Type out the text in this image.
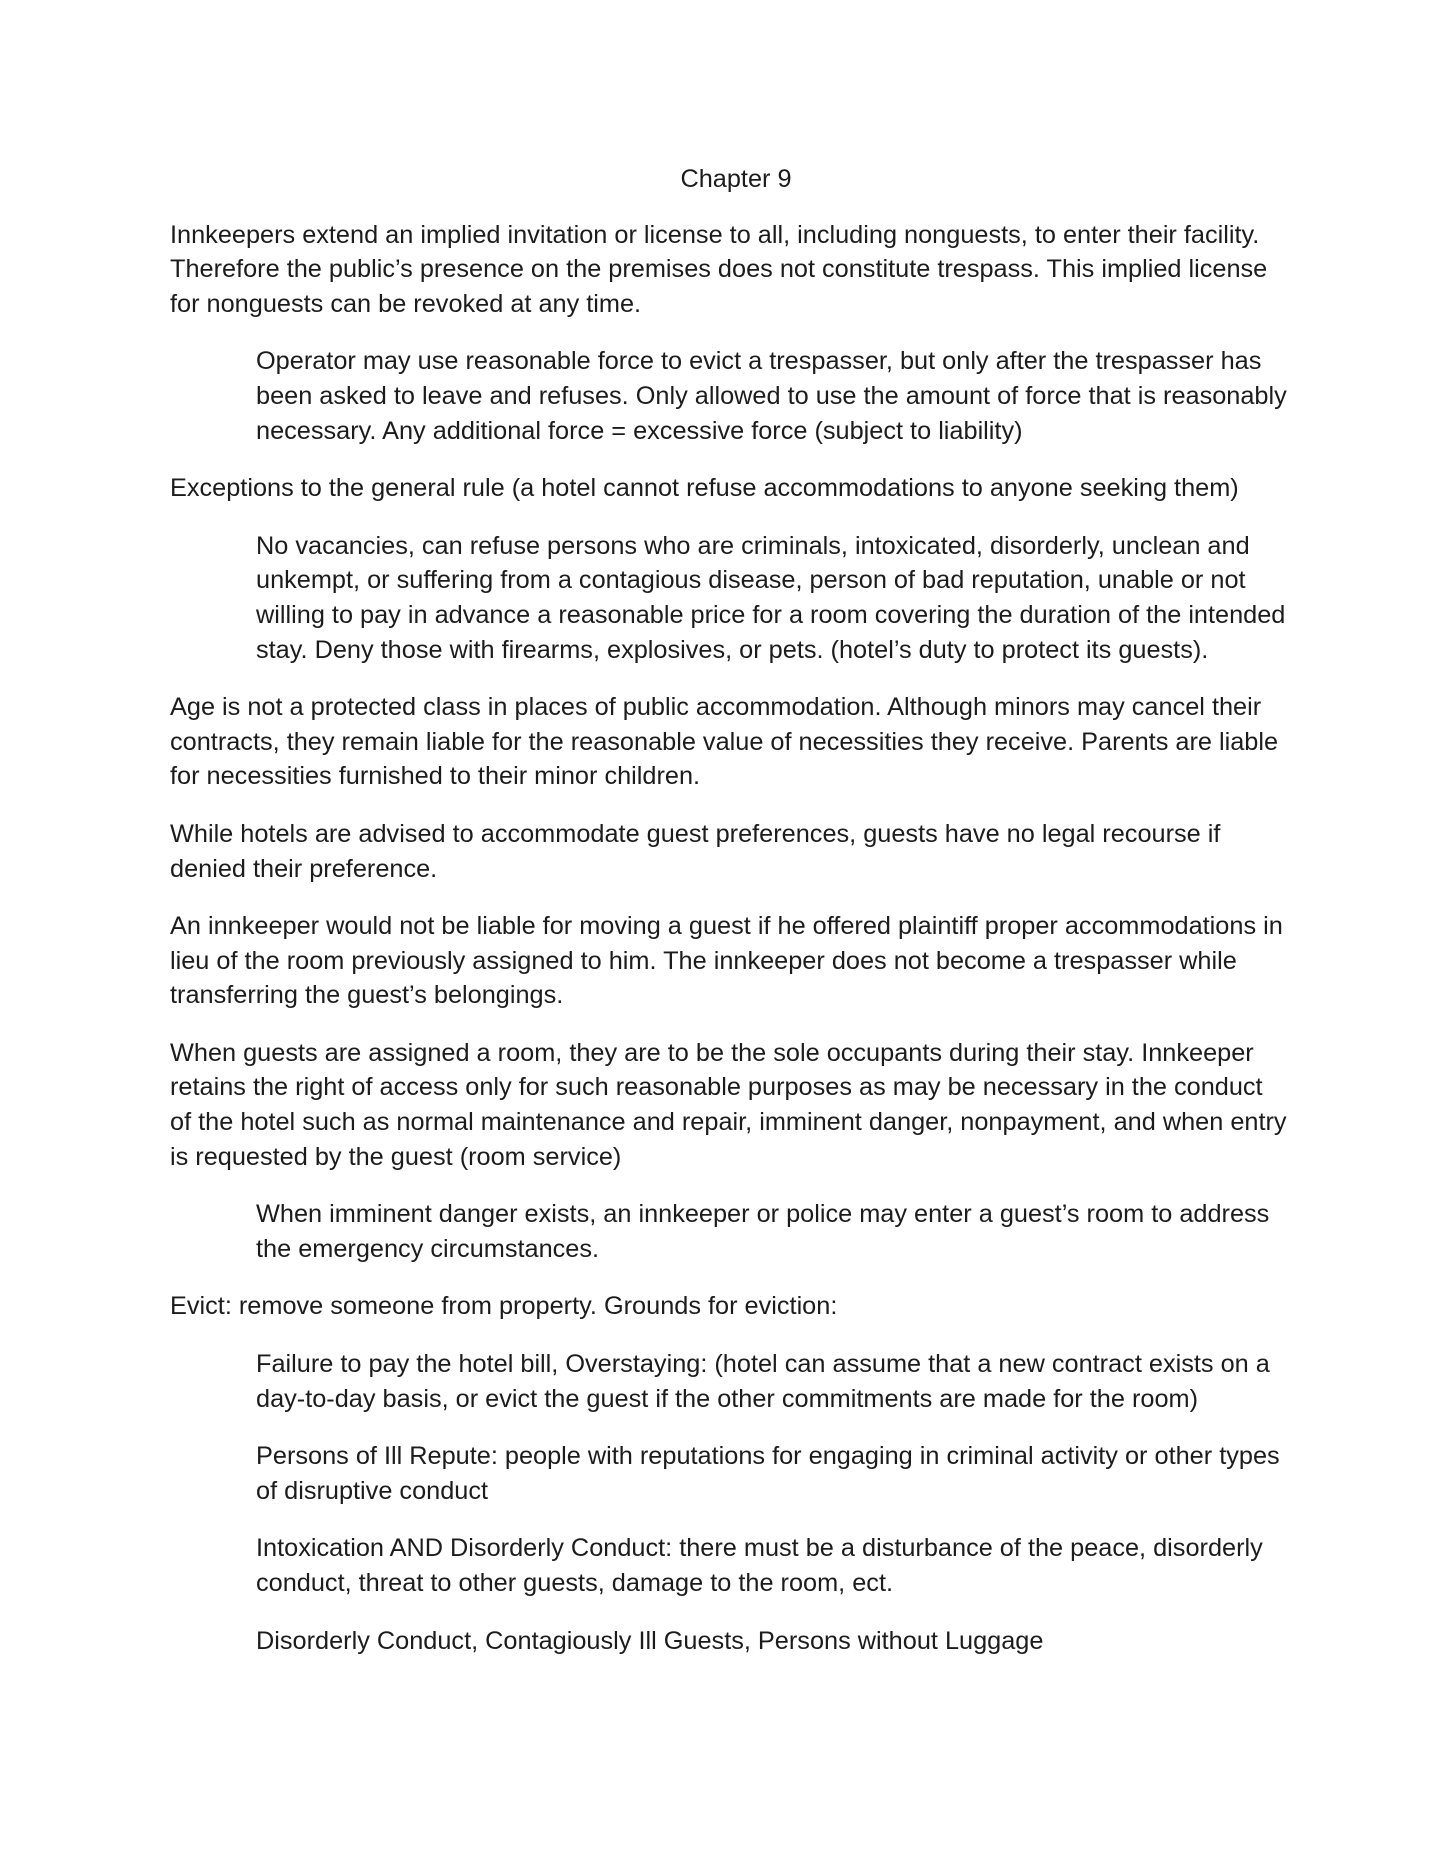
Chapter 9

Innkeepers extend an implied invitation or license to all, including nonguests, to enter their facility. Therefore the public’s presence on the premises does not constitute trespass. This implied license for nonguests can be revoked at any time.

Operator may use reasonable force to evict a trespasser, but only after the trespasser has been asked to leave and refuses. Only allowed to use the amount of force that is reasonably necessary. Any additional force = excessive force (subject to liability)

Exceptions to the general rule (a hotel cannot refuse accommodations to anyone seeking them)

No vacancies, can refuse persons who are criminals, intoxicated, disorderly, unclean and unkempt, or suffering from a contagious disease, person of bad reputation, unable or not willing to pay in advance a reasonable price for a room covering the duration of the intended stay. Deny those with firearms, explosives, or pets. (hotel’s duty to protect its guests).

Age is not a protected class in places of public accommodation. Although minors may cancel their contracts, they remain liable for the reasonable value of necessities they receive. Parents are liable for necessities furnished to their minor children.

While hotels are advised to accommodate guest preferences, guests have no legal recourse if denied their preference.

An innkeeper would not be liable for moving a guest if he offered plaintiff proper accommodations in lieu of the room previously assigned to him. The innkeeper does not become a trespasser while transferring the guest’s belongings.

When guests are assigned a room, they are to be the sole occupants during their stay. Innkeeper retains the right of access only for such reasonable purposes as may be necessary in the conduct of the hotel such as normal maintenance and repair, imminent danger, nonpayment, and when entry is requested by the guest (room service)

When imminent danger exists, an innkeeper or police may enter a guest’s room to address the emergency circumstances.

Evict: remove someone from property. Grounds for eviction:

Failure to pay the hotel bill, Overstaying: (hotel can assume that a new contract exists on a day-to-day basis, or evict the guest if the other commitments are made for the room)

Persons of Ill Repute: people with reputations for engaging in criminal activity or other types of disruptive conduct

Intoxication AND Disorderly Conduct: there must be a disturbance of the peace, disorderly conduct, threat to other guests, damage to the room, ect.

Disorderly Conduct, Contagiously Ill Guests, Persons without Luggage
